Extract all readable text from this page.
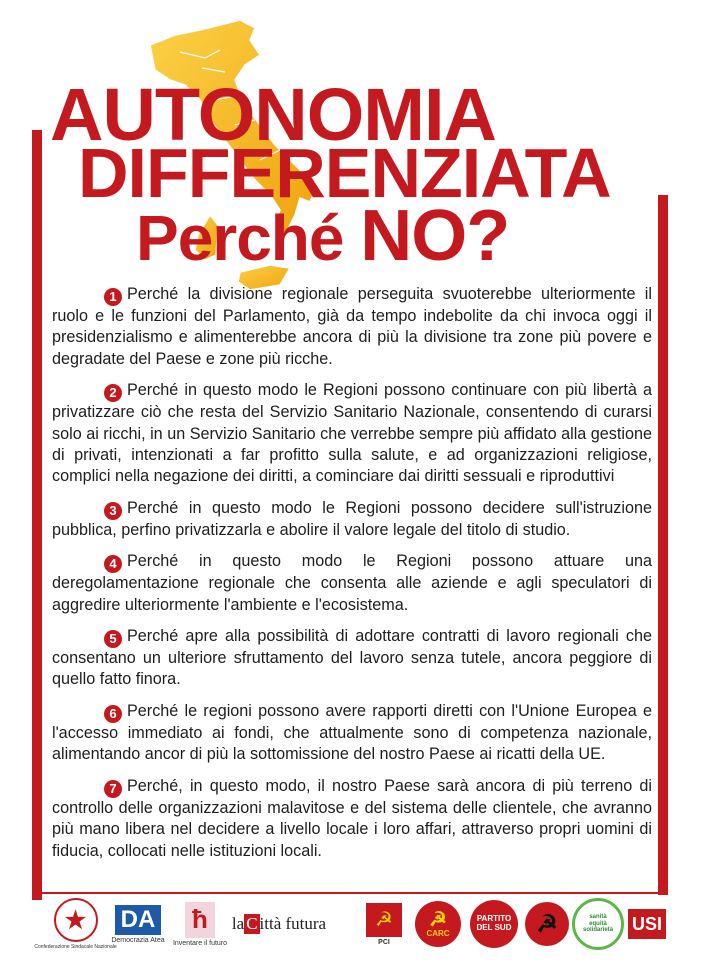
AUTONOMIA
DIFFERENZIATA
Perché NO?

1 Perché la divisione regionale perseguita svuoterebbe ulteriormente il ruolo e le funzioni del Parlamento, già da tempo indebolite da chi invoca oggi il presidenzialismo e alimenterebbe ancora di più la divisione tra zone più povere e degradate del Paese e zone più ricche.

2 Perché in questo modo le Regioni possono continuare con più libertà a privatizzare ciò che resta del Servizio Sanitario Nazionale, consentendo di curarsi solo ai ricchi, in un Servizio Sanitario che verrebbe sempre più affidato alla gestione di privati, intenzionati a far profitto sulla salute, e ad organizzazioni religiose, complici nella negazione dei diritti, a cominciare dai diritti sessuali e riproduttivi

3 Perché in questo modo le Regioni possono decidere sull'istruzione pubblica, perfino privatizzarla e abolire il valore legale del titolo di studio.

4 Perché in questo modo le Regioni possono attuare una deregolamentazione regionale che consenta alle aziende e agli speculatori di aggredire ulteriormente l'ambiente e l'ecosistema.

5 Perché apre alla possibilità di adottare contratti di lavoro regionali che consentano un ulteriore sfruttamento del lavoro senza tutele, ancora peggiore di quello fatto finora.

6 Perché le regioni possono avere rapporti diretti con l'Unione Europea e l'accesso immediato ai fondi, che attualmente sono di competenza nazionale, alimentando ancor di più la sottomissione del nostro Paese ai ricatti della UE.

7 Perché, in questo modo, il nostro Paese sarà ancora di più terreno di controllo delle organizzazioni malavitose e del sistema delle clientele, che avranno più mano libera nel decidere a livello locale i loro affari, attraverso propri uomini di fiducia, collocati nelle istituzioni locali.

★
Confederazione Sindacale Nazionale
DA
Democrazia Atea
ħ
Inventare il futuro
la C ittà futura	☭
PCI
☭
CARC
PARTITO
DEL SUD	☭	sanità
equità
solidarietà USI
